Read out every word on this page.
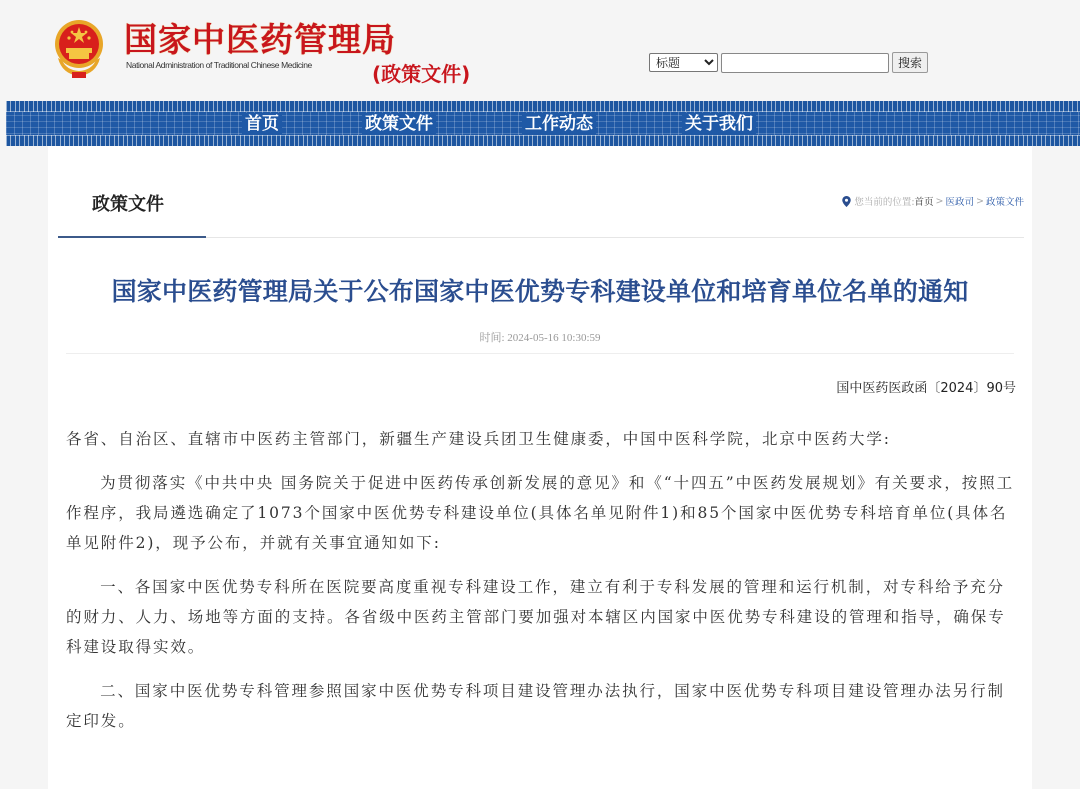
国家中医药管理局
National Administration of Traditional Chinese Medicine	(政策文件)
标题	搜索
首页	政策文件	工作动态	关于我们
政策文件	您当前的位置: 首页 > 医政司 > 政策文件
国家中医药管理局关于公布国家中医优势专科建设单位和培育单位名单的通知
时间: 2024-05-16 10:30:59
国中医药医政函〔2024〕90号

各省、自治区、直辖市中医药主管部门，新疆生产建设兵团卫生健康委，中国中医科学院，北京中医药大学:

为贯彻落实《中共中央 国务院关于促进中医药传承创新发展的意见》和《“十四五”中医药发展规划》有关要求，按照工作程序，我局遴选确定了1073个国家中医优势专科建设单位(具体名单见附件1)和85个国家中医优势专科培育单位(具体名单见附件2)，现予公布，并就有关事宜通知如下:

一、各国家中医优势专科所在医院要高度重视专科建设工作，建立有利于专科发展的管理和运行机制，对专科给予充分的财力、人力、场地等方面的支持。各省级中医药主管部门要加强对本辖区内国家中医优势专科建设的管理和指导，确保专科建设取得实效。

二、国家中医优势专科管理参照国家中医优势专科项目建设管理办法执行，国家中医优势专科项目建设管理办法另行制定印发。
